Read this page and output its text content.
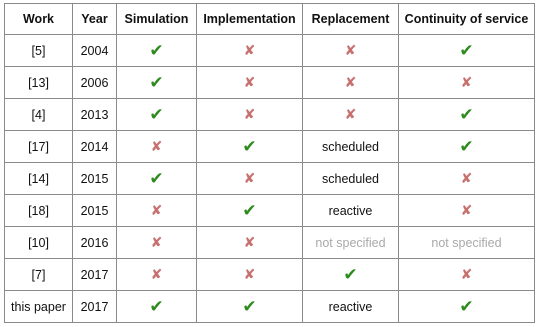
Work	Year	Simulation	Implementation	Replacement	Continuity of service
[5]	2004	✔	✘	✘	✔
[13]	2006	✔	✘	✘	✘
[4]	2013	✔	✘	✘	✔
[17]	2014	✘	✔	scheduled	✔
[14]	2015	✔	✘	scheduled	✘
[18]	2015	✘	✔	reactive	✘
[10]	2016	✘	✘	not specified	not specified
[7]	2017	✘	✘	✔	✘
this paper	2017	✔	✔	reactive	✔
